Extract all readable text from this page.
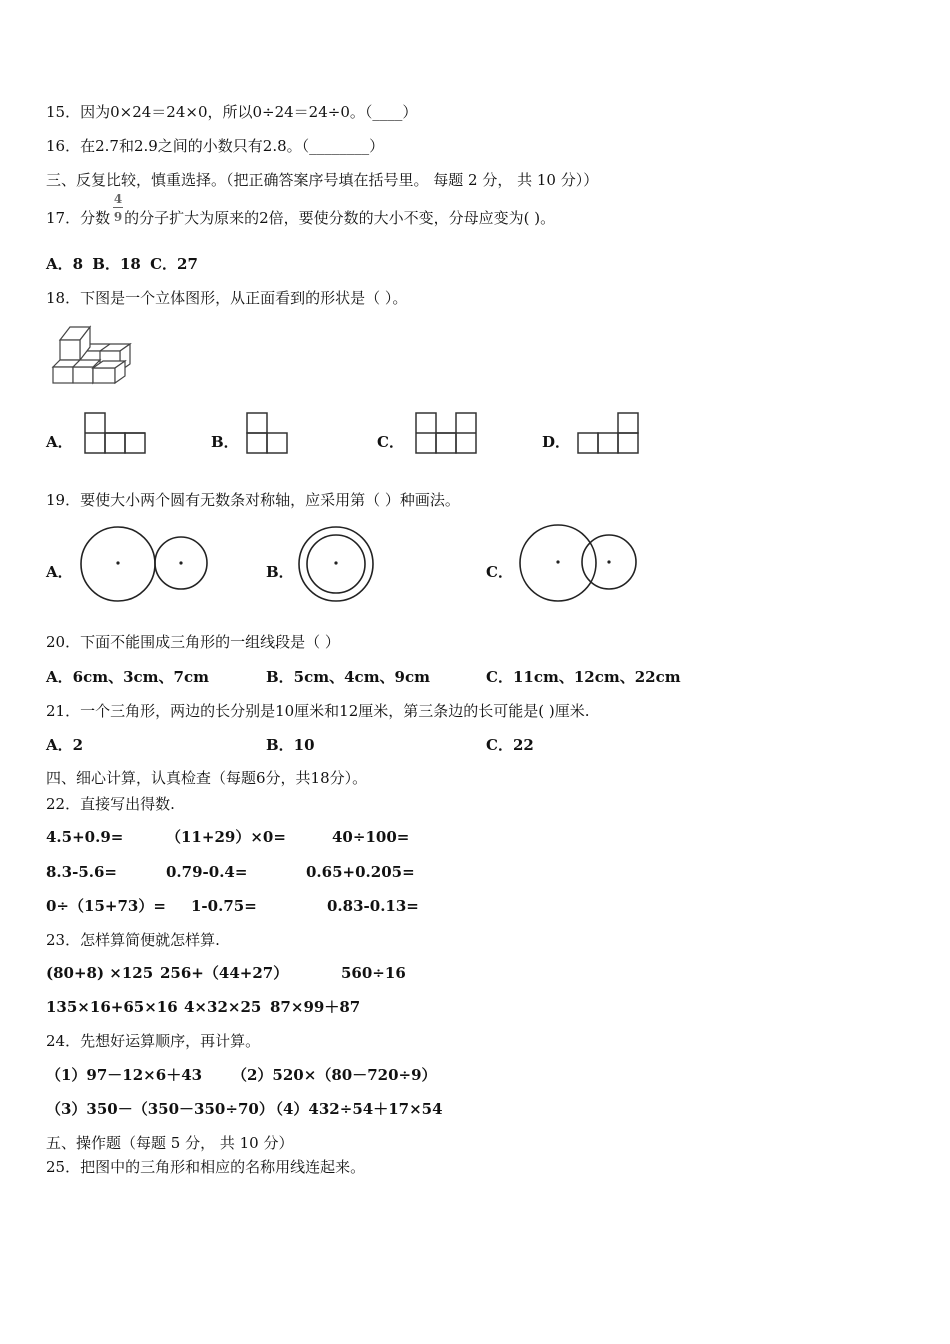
15．因为0×24＝24×0，所以0÷24＝24÷0。（____）
16．在2.7和2.9之间的小数只有2.8。（________）
三、反复比较，慎重选择。（把正确答案序号填在括号里。 每题 2 分， 共 10 分））
17．分数 的分子扩大为原来的2倍，要使分数的大小不变，分母应变为( )。
4
9
A．8 B．18 C．27
18．下图是一个立体图形，从正面看到的形状是（ ）。
A．	B．	C．	D．
19．要使大小两个圆有无数条对称轴，应采用第（ ）种画法。
A．	B．	C．
20．下面不能围成三角形的一组线段是（ ）
A．6cm、3cm、7cm	B．5cm、4cm、9cm	C．11cm、12cm、22cm
21．一个三角形，两边的长分别是10厘米和12厘米，第三条边的长可能是( )厘米.
A．2	B．10	C．22
四、细心计算，认真检查（每题6分，共18分）。
22．直接写出得数.
4.5+0.9=	（11+29）×0=	40÷100=
8.3-5.6=	0.79-0.4=	0.65+0.205=
0÷（15+73）= 1-0.75=	0.83-0.13=
23．怎样算简便就怎样算.
(80+8) ×125 256+（44+27）	560÷16
135×16+65×16 4×32×25 87×99＋87
24．先想好运算顺序，再计算。
（1）97－12×6＋43 （2）520×（80－720÷9）
（3）350－（350－350÷70）
（4）432÷54＋17×54
五、操作题（每题 5 分， 共 10 分）
25．把图中的三角形和相应的名称用线连起来。
